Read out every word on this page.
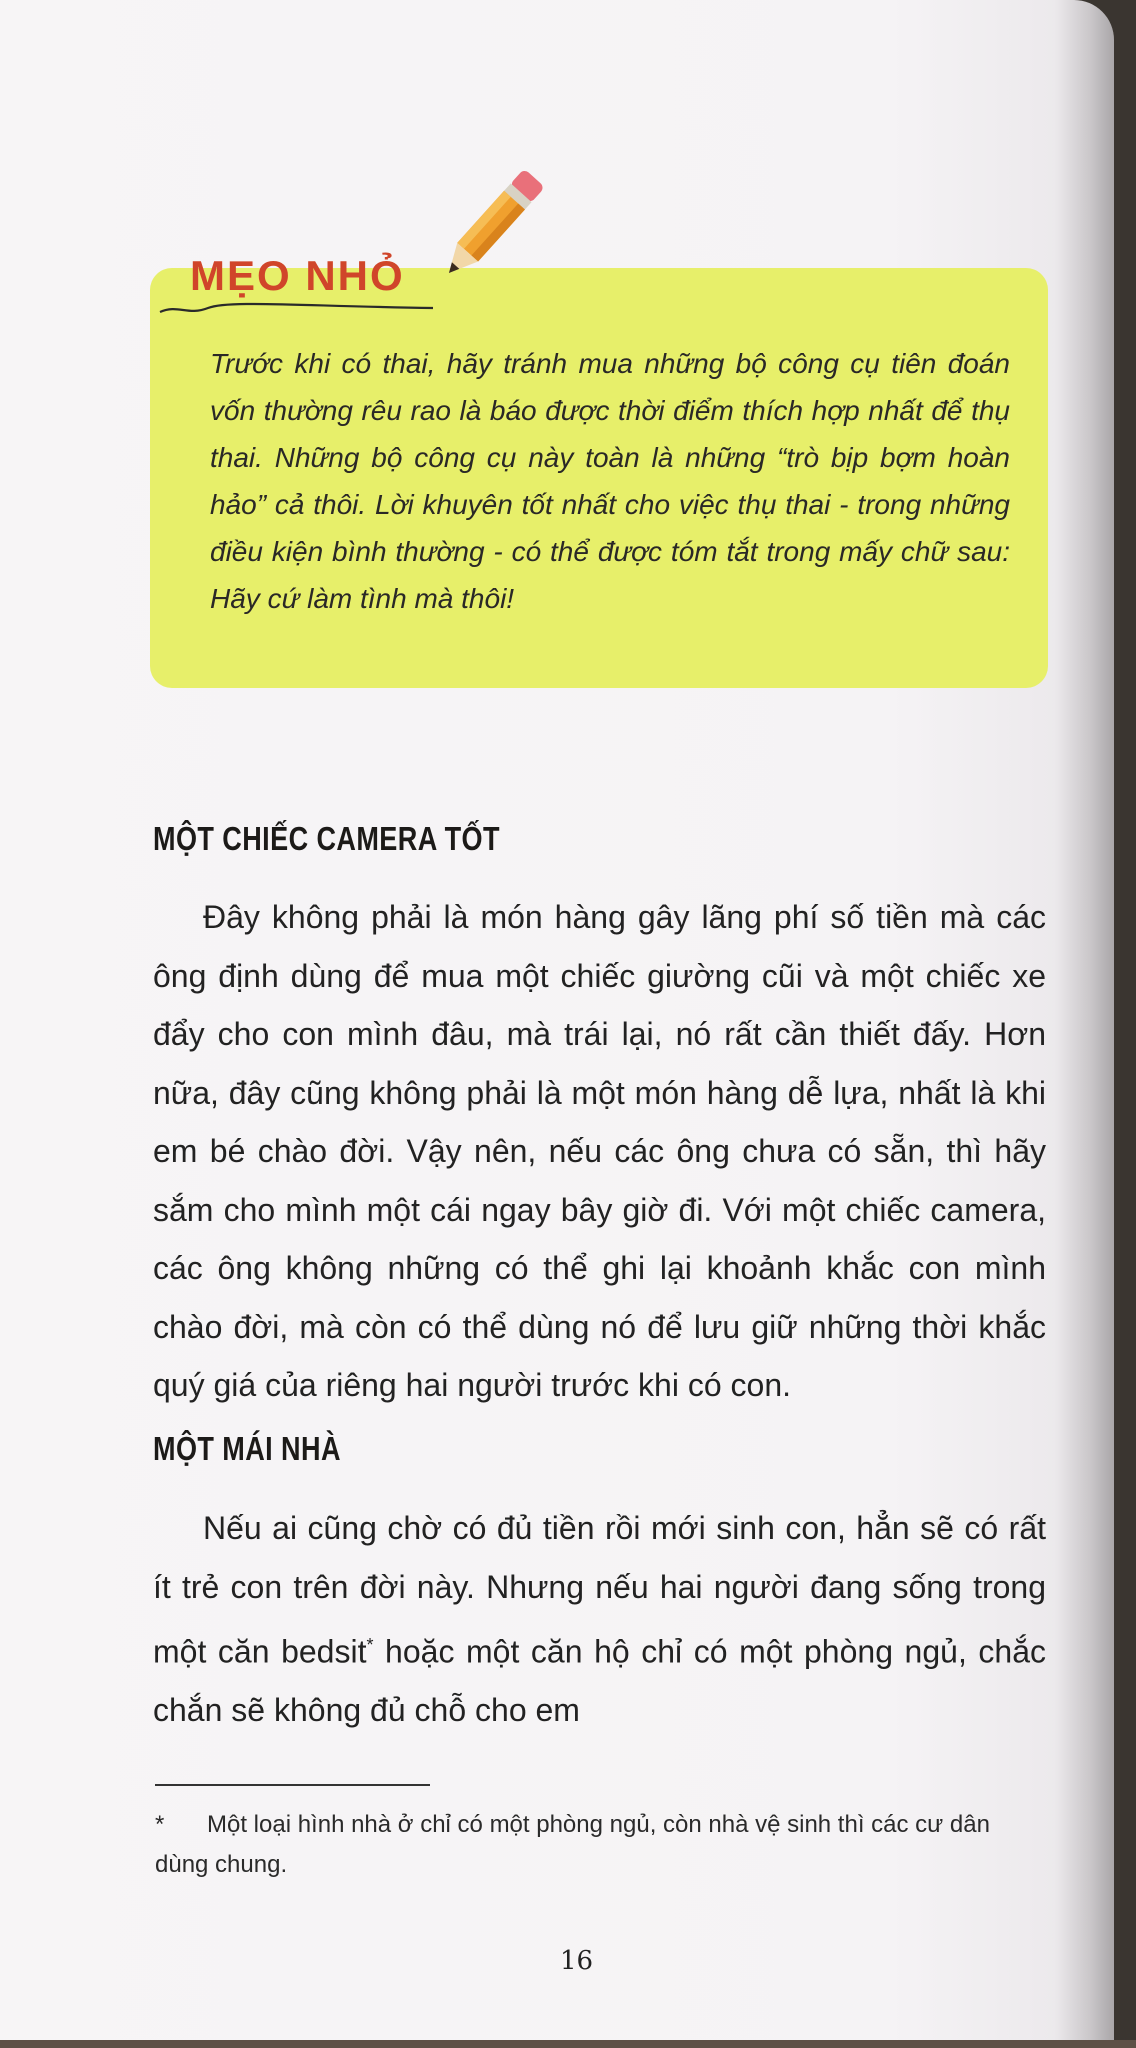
MẸO NHỎ
Trước khi có thai, hãy tránh mua những bộ công cụ tiên đoán vốn thường rêu rao là báo được thời điểm thích hợp nhất để thụ thai. Những bộ công cụ này toàn là những “trò bịp bợm hoàn hảo” cả thôi. Lời khuyên tốt nhất cho việc thụ thai - trong những điều kiện bình thường - có thể được tóm tắt trong mấy chữ sau: Hãy cứ làm tình mà thôi!
MỘT CHIẾC CAMERA TỐT
Đây không phải là món hàng gây lãng phí số tiền mà các ông định dùng để mua một chiếc giường cũi và một chiếc xe đẩy cho con mình đâu, mà trái lại, nó rất cần thiết đấy. Hơn nữa, đây cũng không phải là một món hàng dễ lựa, nhất là khi em bé chào đời. Vậy nên, nếu các ông chưa có sẵn, thì hãy sắm cho mình một cái ngay bây giờ đi. Với một chiếc camera, các ông không những có thể ghi lại khoảnh khắc con mình chào đời, mà còn có thể dùng nó để lưu giữ những thời khắc quý giá của riêng hai người trước khi có con.
MỘT MÁI NHÀ
Nếu ai cũng chờ có đủ tiền rồi mới sinh con, hẳn sẽ có rất ít trẻ con trên đời này. Nhưng nếu hai người đang sống trong một căn bedsit* hoặc một căn hộ chỉ có một phòng ngủ, chắc chắn sẽ không đủ chỗ cho em
* Một loại hình nhà ở chỉ có một phòng ngủ, còn nhà vệ sinh thì các cư dân dùng chung.
16
